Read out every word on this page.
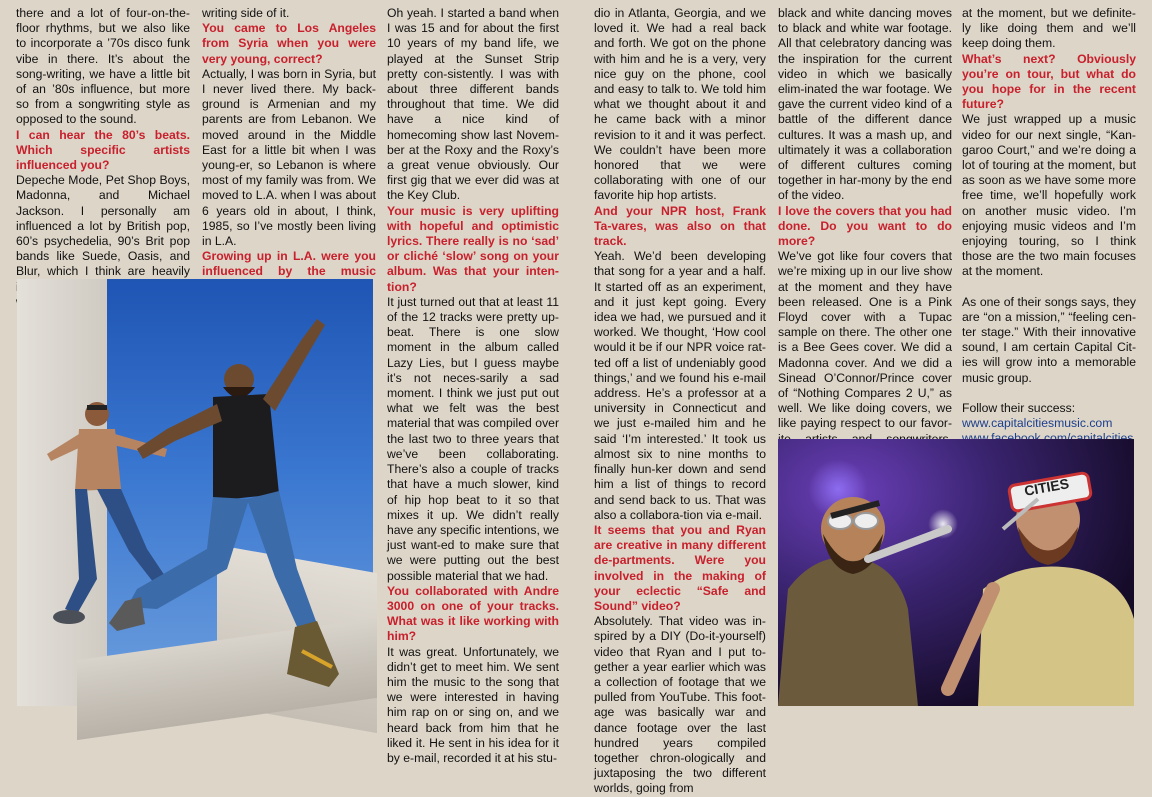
there and a lot of four-on-the-floor rhythms, but we also like to incorporate a ’70s disco funk vibe in there. It’s about the song-writing, we have a little bit of an ’80s influence, but more so from a songwriting style as opposed to the sound.

I can hear the 80’s beats. Which specific artists influenced you?

Depeche Mode, Pet Shop Boys, Madonna, and Michael Jackson. I personally am influenced a lot by British pop, 60’s psychedelia, 90’s Brit pop bands like Suede, Oasis, and Blur, which I think are heavily

writing side of it.

You came to Los Angeles from Syria when you were very young, correct?

Actually, I was born in Syria, but I never lived there. My back-ground is Armenian and my parents are from Lebanon. We moved around in the Middle East for a little bit when I was young-er, so Lebanon is where most of my family was from. We moved to L.A. when I was about 6 years old in about, I think, 1985, so I’ve mostly been living in L.A.

Growing up in L.A. were you influenced by the music

Oh yeah. I started a band when I was 15 and for about the first 10 years of my band life, we played at the Sunset Strip pretty con-sistently. I was with about three different bands throughout that time. We did have a nice kind of homecoming show last Novem-ber at the Roxy and the Roxy’s a great venue obviously. Our first gig that we ever did was at the Key Club.

Your music is very uplifting with hopeful and optimistic lyrics. There really is no ‘sad’ or cliché ‘slow’ song on your album. Was that your inten-tion?

It just turned out that at least 11 of the 12 tracks were pretty up-beat. There is one slow moment in the album called Lazy Lies, but I guess maybe it’s not neces-sarily a sad moment. I think we just put out what we felt was the best material that was compiled over the last two to three years that we’ve been collaborating. There’s also a couple of tracks that have a much slower, kind of hip hop beat to it so that mixes it up. We didn’t really have any specific intentions, we just want-ed to make sure that we were putting out the best possible material that we had.

You collaborated with Andre 3000 on one of your tracks. What was it like working with him?

It was great. Unfortunately, we didn’t get to meet him. We sent him the music to the song that we were interested in having him rap on or sing on, and we heard back from him that he liked it. He sent in his idea for it by e-mail, recorded it at his stu-

dio in Atlanta, Georgia, and we loved it. We had a real back and forth. We got on the phone with him and he is a very, very nice guy on the phone, cool and easy to talk to. We told him what we thought about it and he came back with a minor revision to it and it was perfect. We couldn’t have been more honored that we were collaborating with one of our favorite hip hop artists.

And your NPR host, Frank Ta-vares, was also on that track.

Yeah. We’d been developing that song for a year and a half. It started off as an experiment, and it just kept going. Every idea we had, we pursued and it worked. We thought, ‘How cool would it be if our NPR voice rat-ted off a list of undeniably good things,’ and we found his e-mail address. He’s a professor at a university in Connecticut and we just e-mailed him and he said ‘I’m interested.’ It took us almost six to nine months to finally hun-ker down and send him a list of things to record and send back to us. That was also a collabora-tion via e-mail.

It seems that you and Ryan are creative in many different de-partments. Were you involved in the making of your eclectic “Safe and Sound” video?

Absolutely. That video was in-spired by a DIY (Do-it-yourself) video that Ryan and I put to-gether a year earlier which was a collection of footage that we pulled from YouTube. This foot-age was basically war and dance footage over the last hundred years compiled together chron-ologically and juxtaposing the two different worlds, going from

black and white dancing moves to black and white war footage. All that celebratory dancing was the inspiration for the current video in which we basically elim-inated the war footage. We gave the current video kind of a battle of the different dance cultures. It was a mash up, and ultimately it was a collaboration of different cultures coming together in har-mony by the end of the video.

I love the covers that you had done. Do you want to do more?

We’ve got like four covers that we’re mixing up in our live show at the moment and they have been released. One is a Pink Floyd cover with a Tupac sample on there. The other one is a Bee Gees cover. We did a Madonna cover. And we did a Sinead O’Connor/Prince cover of “Nothing Compares 2 U,” as well. We like doing covers, we like paying respect to our favor-

at the moment, but we definite-ly like doing them and we’ll keep doing them.

What’s next? Obviously you’re on tour, but what do you hope for in the recent future?

We just wrapped up a music video for our next single, “Kan-garoo Court,” and we’re doing a lot of touring at the moment, but as soon as we have some more free time, we’ll hopefully work on another music video. I’m enjoying music videos and I’m enjoying touring, so I think those are the two main focuses at the moment.

As one of their songs says, they are “on a mission,” “feeling cen-ter stage.” With their innovative sound, I am certain Capital Cit-ies will grow into a memorable music group.

Follow their success:

www.capitalcitiesmusic.com

CITIES
